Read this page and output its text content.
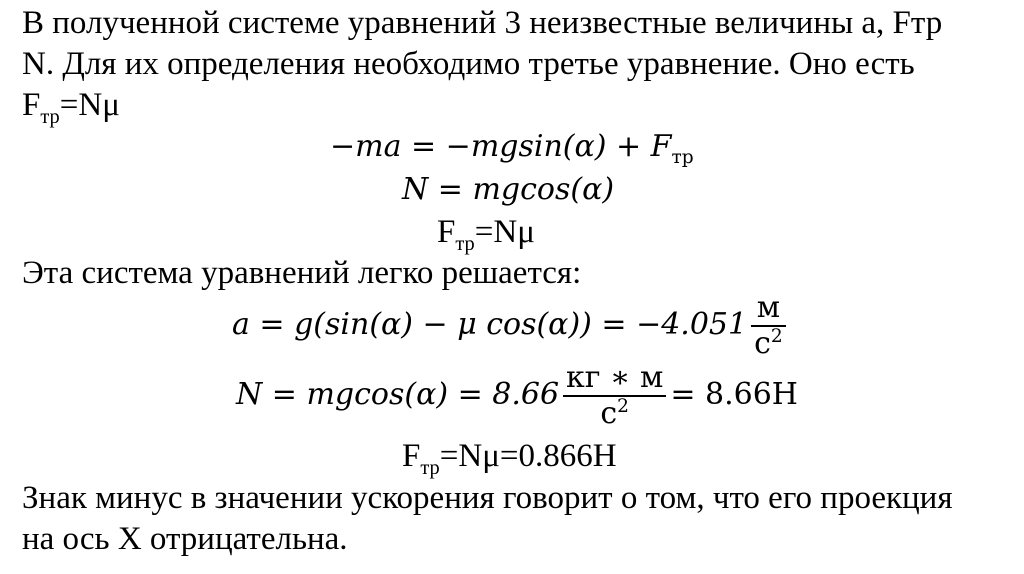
В полученной системе уравнений 3 неизвестные величины a, Fтр
N. Для их определения необходимо третье уравнение. Оно есть
$F_{тр}=N\mu$
$-ma = -mgsin(\alpha) + F_{тр}$
N = mgcos(α)
$F_{тр}=N\mu$
Эта система уравнений легко решается:
a = g(sin(α) − μ $\cos(\alpha)) = -4.051 \frac{м}{с^2}$
$N = mgcos(\alpha) = 8.66 \frac{кг ∗ м}{с^2} = 8.66Н$
$F_{тр}=N\mu=0.866Н$
Знак минус в значении ускорения говорит о том, что его проекция
на ось X отрицательна.
